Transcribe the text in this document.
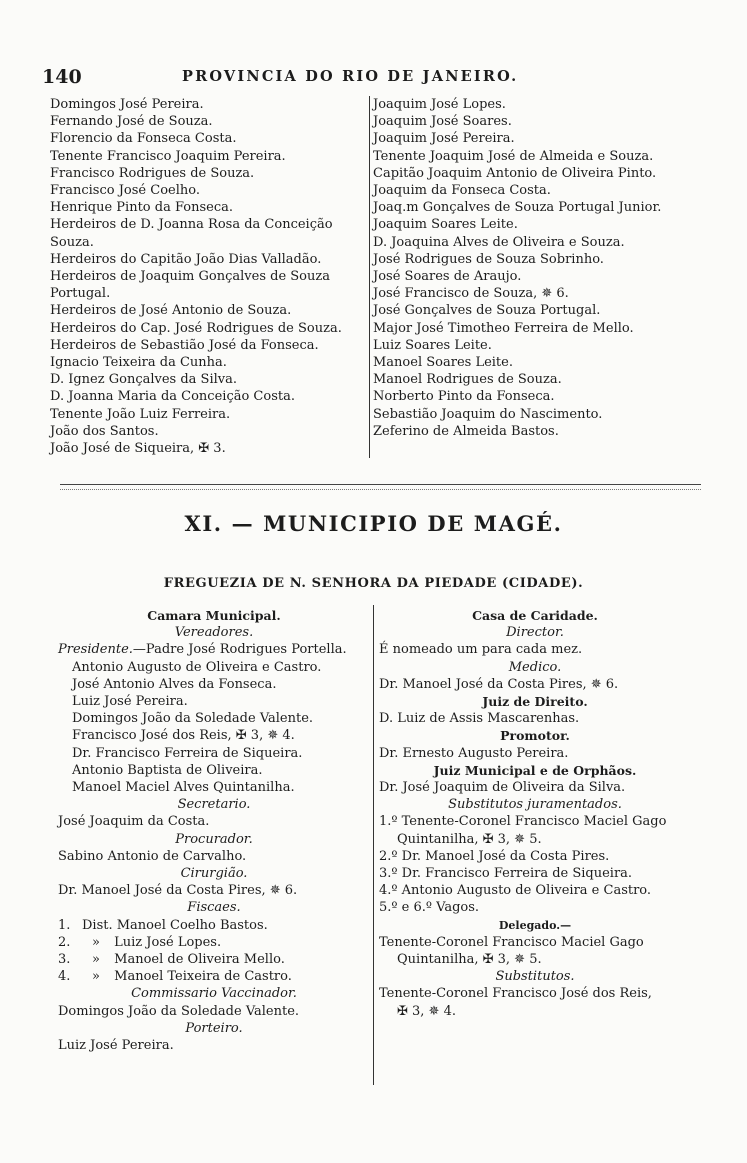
140	PROVINCIA DO RIO DE JANEIRO.
Domingos José Pereira.
Fernando José de Souza.
Florencio da Fonseca Costa.
Tenente Francisco Joaquim Pereira.
Francisco Rodrigues de Souza.
Francisco José Coelho.
Henrique Pinto da Fonseca.
Herdeiros de D. Joanna Rosa da Conceição
Souza.
Herdeiros do Capitão João Dias Valladão.
Herdeiros de Joaquim Gonçalves de Souza
Portugal.
Herdeiros de José Antonio de Souza.
Herdeiros do Cap. José Rodrigues de Souza.
Herdeiros de Sebastião José da Fonseca.
Ignacio Teixeira da Cunha.
D. Ignez Gonçalves da Silva.
D. Joanna Maria da Conceição Costa.
Tenente João Luiz Ferreira.
João dos Santos.
João José de Siqueira, ✠ 3.
Joaquim José Lopes.
Joaquim José Soares.
Joaquim José Pereira.
Tenente Joaquim José de Almeida e Souza.
Capitão Joaquim Antonio de Oliveira Pinto.
Joaquim da Fonseca Costa.
Joaq.m Gonçalves de Souza Portugal Junior.
Joaquim Soares Leite.
D. Joaquina Alves de Oliveira e Souza.
José Rodrigues de Souza Sobrinho.
José Soares de Araujo.
José Francisco de Souza, ✵ 6.
José Gonçalves de Souza Portugal.
Major José Timotheo Ferreira de Mello.
Luiz Soares Leite.
Manoel Soares Leite.
Manoel Rodrigues de Souza.
Norberto Pinto da Fonseca.
Sebastião Joaquim do Nascimento.
Zeferino de Almeida Bastos.
XI. — MUNICIPIO DE MAGÉ.
FREGUEZIA DE N. SENHORA DA PIEDADE (CIDADE).
Camara Municipal.
Vereadores.
Presidente.—Padre José Rodrigues Portella.
Antonio Augusto de Oliveira e Castro.
José Antonio Alves da Fonseca.
Luiz José Pereira.
Domingos João da Soledade Valente.
Francisco José dos Reis, ✠ 3, ✵ 4.
Dr. Francisco Ferreira de Siqueira.
Antonio Baptista de Oliveira.
Manoel Maciel Alves Quintanilha.
Secretario.
José Joaquim da Costa.
Procurador.
Sabino Antonio de Carvalho.
Cirurgião.
Dr. Manoel José da Costa Pires, ✵ 6.
Fiscaes.
1. Dist. Manoel Coelho Bastos.
2. » Luiz José Lopes.
3. » Manoel de Oliveira Mello.
4. » Manoel Teixeira de Castro.
Commissario Vaccinador.
Domingos João da Soledade Valente.
Porteiro.
Luiz José Pereira.
Casa de Caridade.
Director.
É nomeado um para cada mez.
Medico.
Dr. Manoel José da Costa Pires, ✵ 6.
Juiz de Direito.
D. Luiz de Assis Mascarenhas.
Promotor.
Dr. Ernesto Augusto Pereira.
Juiz Municipal e de Orphãos.
Dr. José Joaquim de Oliveira da Silva.
Substitutos juramentados.
1.º Tenente-Coronel Francisco Maciel Gago
Quintanilha, ✠ 3, ✵ 5.
2.º Dr. Manoel José da Costa Pires.
3.º Dr. Francisco Ferreira de Siqueira.
4.º Antonio Augusto de Oliveira e Castro.
5.º e 6.º Vagos.
Delegado.—
Tenente-Coronel Francisco Maciel Gago
Quintanilha, ✠ 3, ✵ 5.
Substitutos.
Tenente-Coronel Francisco José dos Reis,
✠ 3, ✵ 4.
